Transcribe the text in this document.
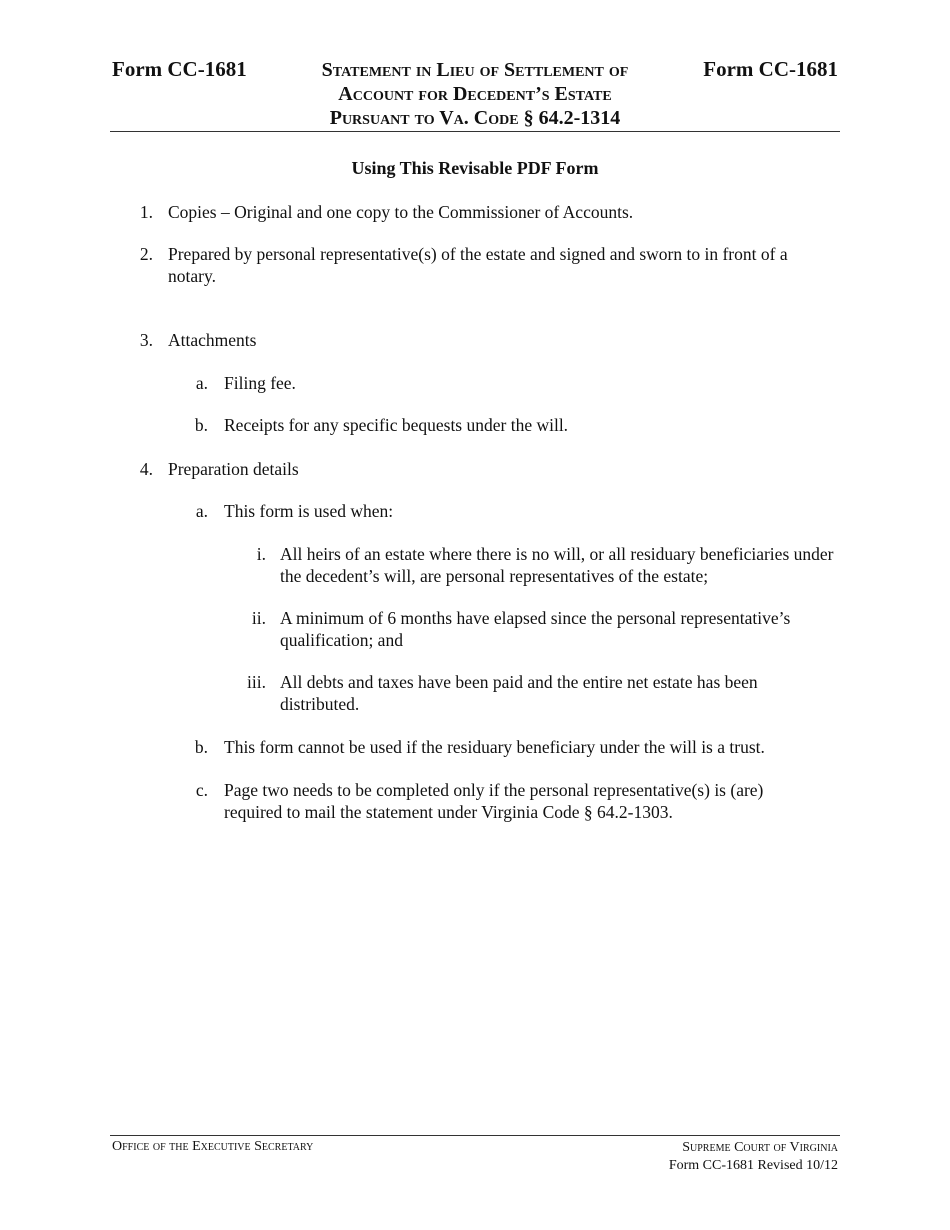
Form CC-1681	Statement in Lieu of Settlement of
Account for Decedent’s Estate
Pursuant to Va. Code § 64.2-1314
Form CC-1681
Using This Revisable PDF Form
1. Copies – Original and one copy to the Commissioner of Accounts.
2. Prepared by personal representative(s) of the estate and signed and sworn to in front of a notary.
3. Attachments
a. Filing fee.
b. Receipts for any specific bequests under the will.
4. Preparation details
a. This form is used when:
i. All heirs of an estate where there is no will, or all residuary beneficiaries under the decedent’s will, are personal representatives of the estate;
ii. A minimum of 6 months have elapsed since the personal representative’s qualification; and
iii. All debts and taxes have been paid and the entire net estate has been distributed.
b. This form cannot be used if the residuary beneficiary under the will is a trust.
c. Page two needs to be completed only if the personal representative(s) is (are) required to mail the statement under Virginia Code § 64.2-1303.
Office of the Executive Secretary	Supreme Court of Virginia
Form CC-1681 Revised 10/12
